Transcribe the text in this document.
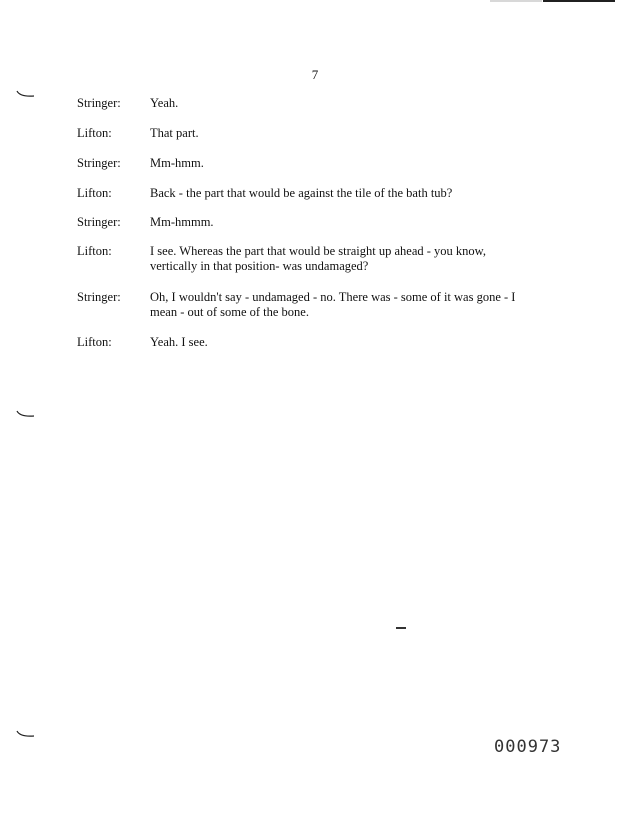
7
Stringer: Yeah.
Lifton:	That part.
Stringer: Mm-hmm.
Lifton:	Back - the part that would be against the tile of the bath tub?
Stringer: Mm-hmmm.
Lifton:	I see. Whereas the part that would be straight up ahead - you know,
vertically in that position- was undamaged?
Stringer: Oh, I wouldn't say - undamaged - no. There was - some of it was gone - I
mean - out of some of the bone.
Lifton:	Yeah. I see.
000973
